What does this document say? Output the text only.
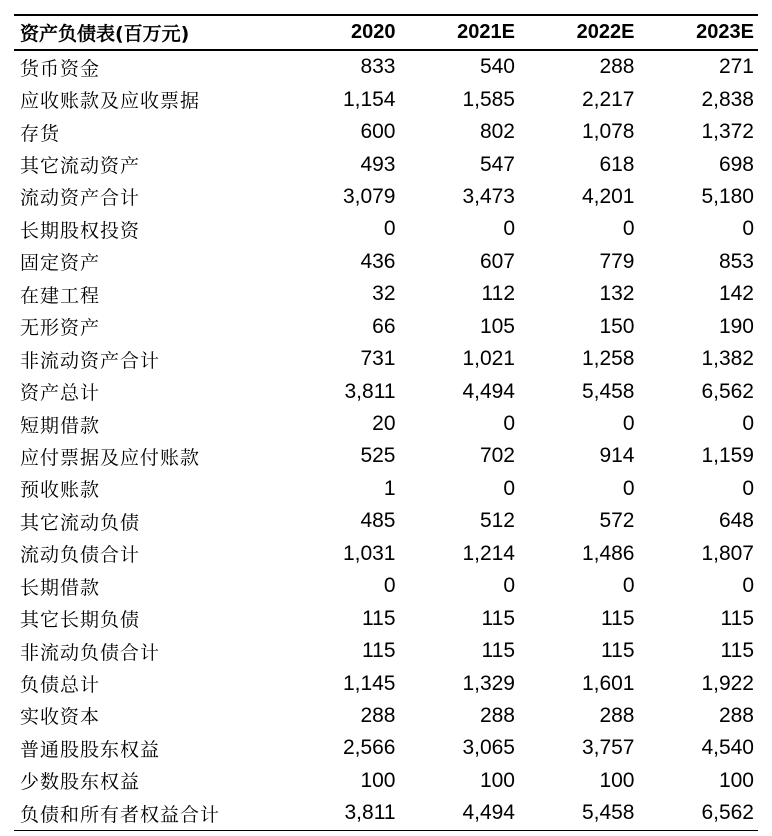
资产负债表(百万元)	2020	2021E	2022E	2023E
货币资金	833	540	288	271
应收账款及应收票据	1,154	1,585	2,217	2,838
存货	600	802	1,078	1,372
其它流动资产	493	547	618	698
流动资产合计	3,079	3,473	4,201	5,180
长期股权投资	0	0	0	0
固定资产	436	607	779	853
在建工程	32	112	132	142
无形资产	66	105	150	190
非流动资产合计	731	1,021	1,258	1,382
资产总计	3,811	4,494	5,458	6,562
短期借款	20	0	0	0
应付票据及应付账款	525	702	914	1,159
预收账款	1	0	0	0
其它流动负债	485	512	572	648
流动负债合计	1,031	1,214	1,486	1,807
长期借款	0	0	0	0
其它长期负债	115	115	115	115
非流动负债合计	115	115	115	115
负债总计	1,145	1,329	1,601	1,922
实收资本	288	288	288	288
普通股股东权益	2,566	3,065	3,757	4,540
少数股东权益	100	100	100	100
负债和所有者权益合计	3,811	4,494	5,458	6,562
